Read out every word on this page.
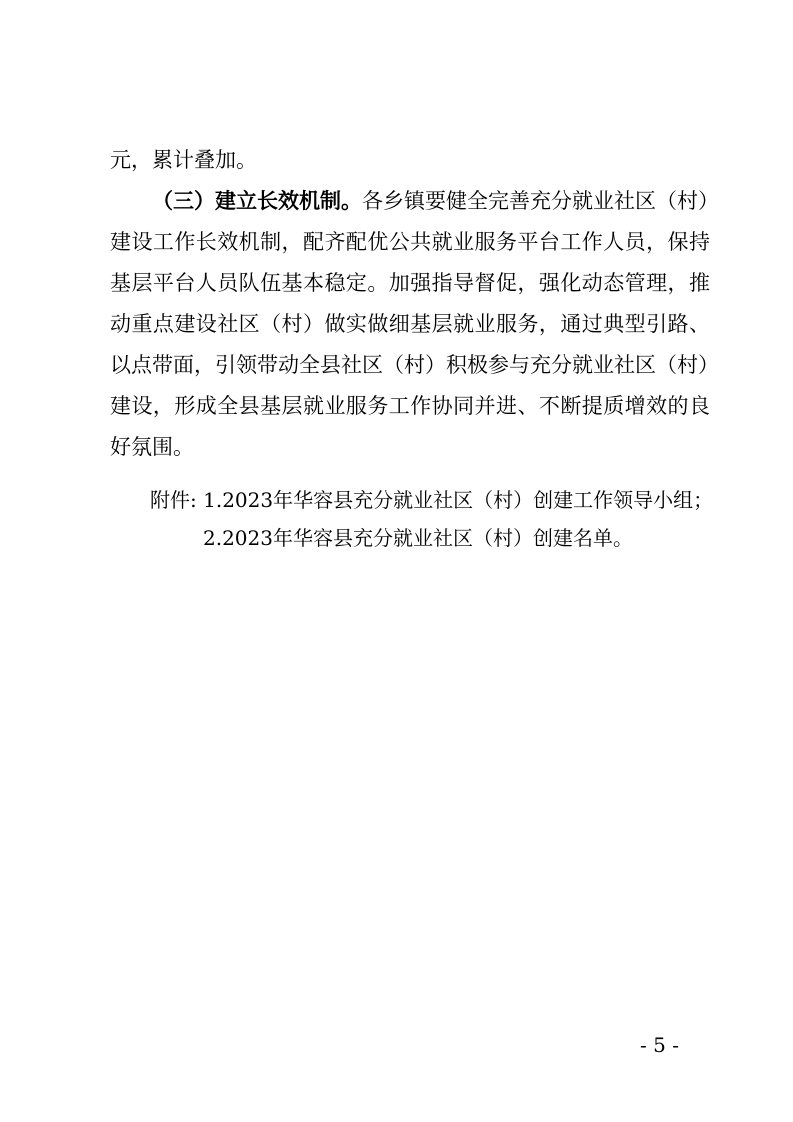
元，累计叠加。
（三）建立长效机制。各乡镇要健全完善充分就业社区（村）
建设工作长效机制，配齐配优公共就业服务平台工作人员，保持
基层平台人员队伍基本稳定。加强指导督促，强化动态管理，推
动重点建设社区（村）做实做细基层就业服务，通过典型引路、
以点带面，引领带动全县社区（村）积极参与充分就业社区（村）
建设，形成全县基层就业服务工作协同并进、不断提质增效的良
好氛围。
附件: 1.2023年华容县充分就业社区（村）创建工作领导小组；
2.2023年华容县充分就业社区（村）创建名单。
- 5 -
